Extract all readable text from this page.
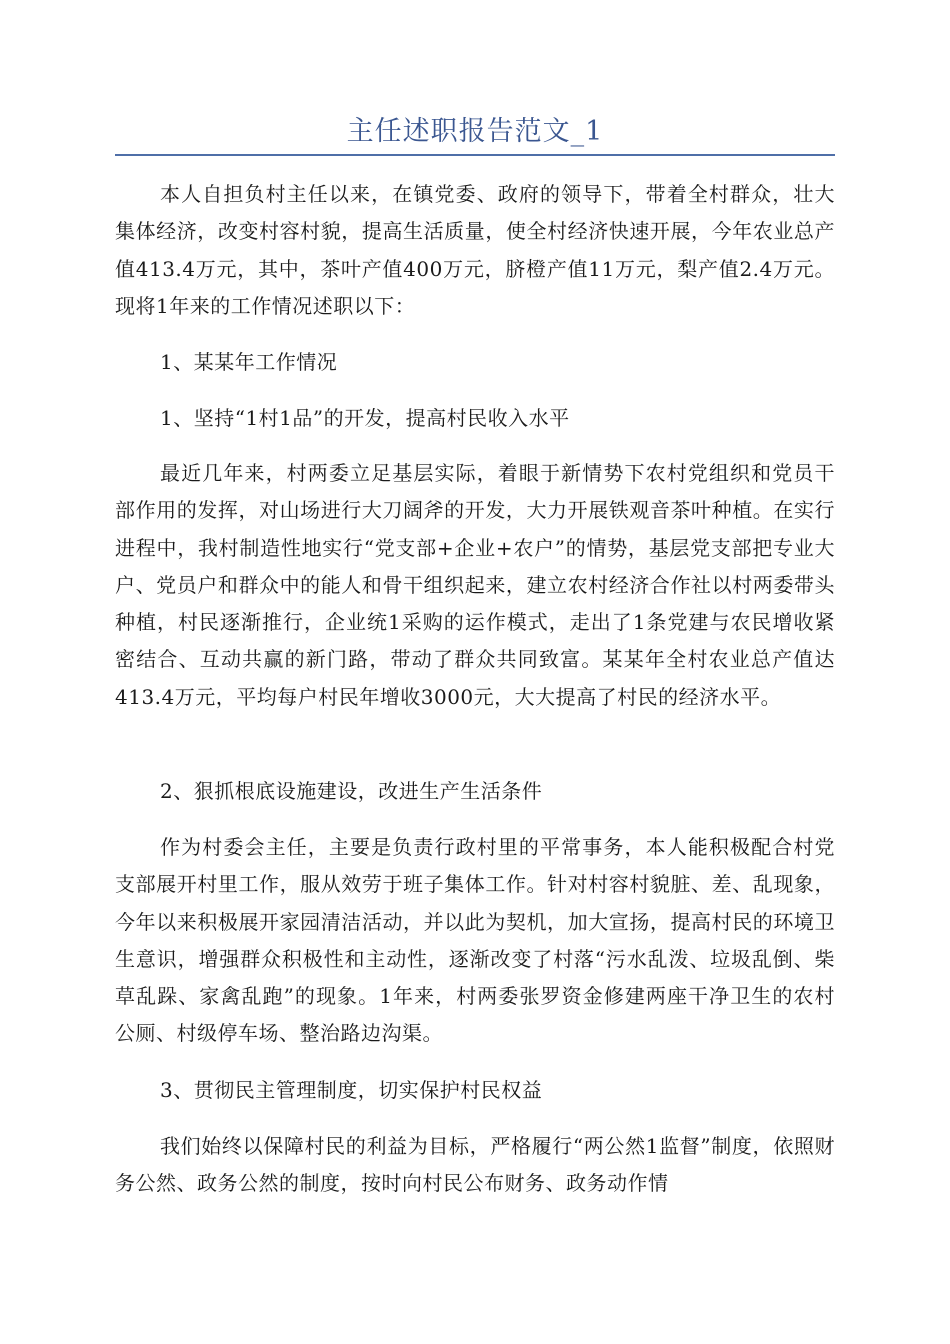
主任述职报告范文_1

本人自担负村主任以来，在镇党委、政府的领导下，带着全村群众，壮大集体经济，改变村容村貌，提高生活质量，使全村经济快速开展，今年农业总产值413.4万元，其中，茶叶产值400万元，脐橙产值11万元，梨产值2.4万元。现将1年来的工作情况述职以下：

1、某某年工作情况

1、坚持“1村1品”的开发，提高村民收入水平

最近几年来，村两委立足基层实际，着眼于新情势下农村党组织和党员干部作用的发挥，对山场进行大刀阔斧的开发，大力开展铁观音茶叶种植。在实行进程中，我村制造性地实行“党支部+企业+农户”的情势，基层党支部把专业大户、党员户和群众中的能人和骨干组织起来，建立农村经济合作社以村两委带头种植，村民逐渐推行，企业统1采购的运作模式，走出了1条党建与农民增收紧密结合、互动共赢的新门路，带动了群众共同致富。某某年全村农业总产值达413.4万元，平均每户村民年增收3000元，大大提高了村民的经济水平。

2、狠抓根底设施建设，改进生产生活条件

作为村委会主任，主要是负责行政村里的平常事务，本人能积极配合村党支部展开村里工作，服从效劳于班子集体工作。针对村容村貌脏、差、乱现象，今年以来积极展开家园清洁活动，并以此为契机，加大宣扬，提高村民的环境卫生意识，增强群众积极性和主动性，逐渐改变了村落“污水乱泼、垃圾乱倒、柴草乱跺、家禽乱跑”的现象。1年来，村两委张罗资金修建两座干净卫生的农村公厕、村级停车场、整治路边沟渠。

3、贯彻民主管理制度，切实保护村民权益

我们始终以保障村民的利益为目标，严格履行“两公然1监督”制度，依照财务公然、政务公然的制度，按时向村民公布财务、政务动作情
